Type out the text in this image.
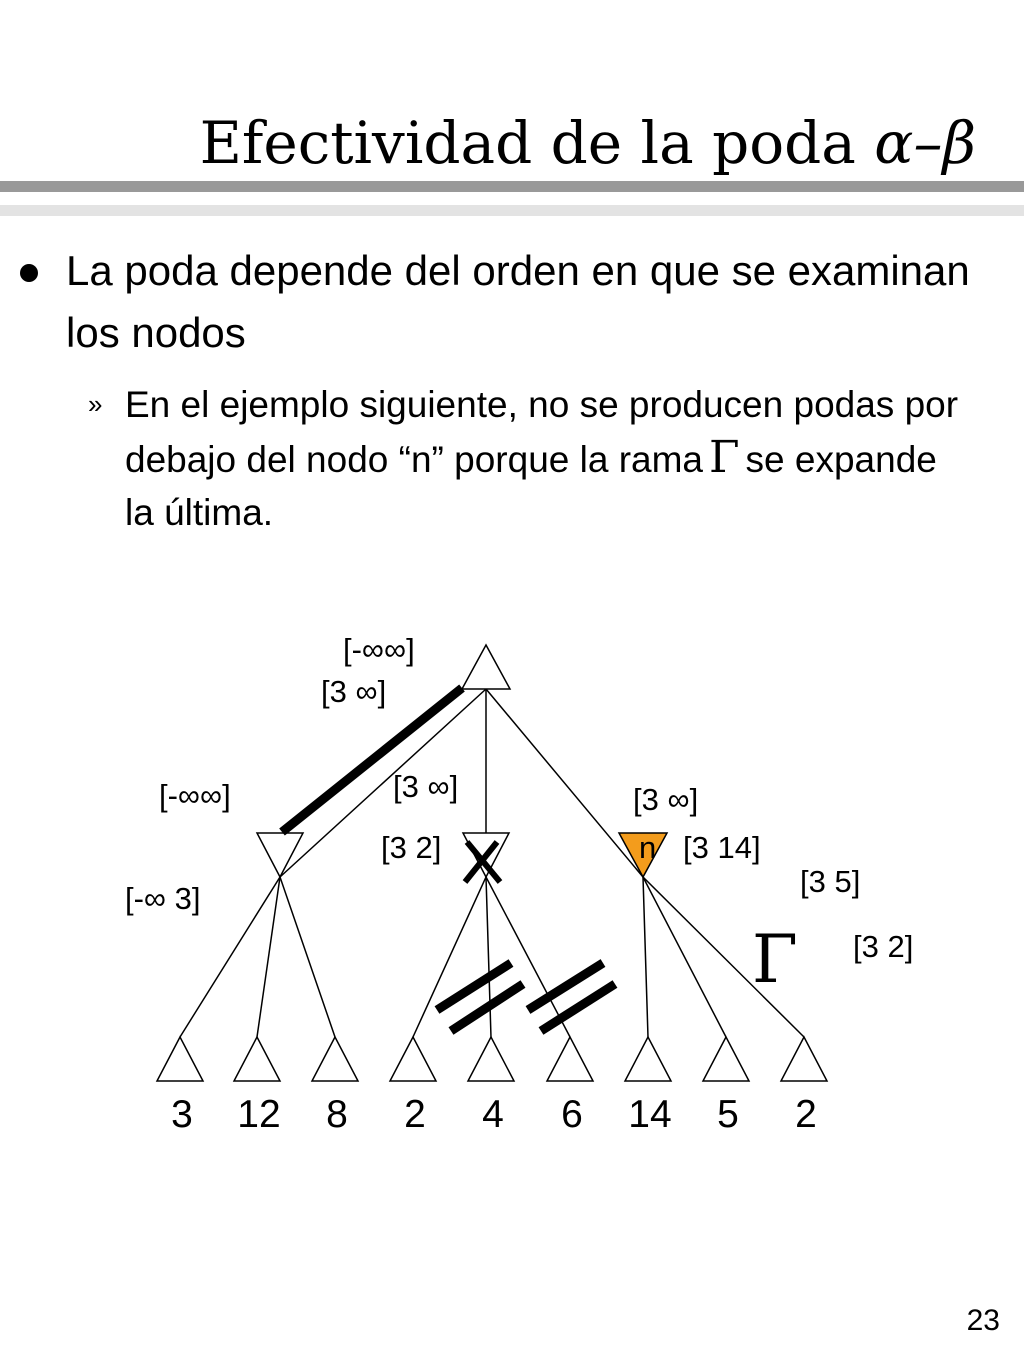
Efectividad de la poda α–β
La poda depende del orden en que se examinan los nodos
» En el ejemplo siguiente, no se producen podas por debajo del nodo “n” porque la rama Γ se expande la última.
[-∞∞]
[3 ∞]
[-∞∞]
[-∞ 3]
[3 ∞]
[3 2]
[3 ∞]
[3 14]
[3 5]
[3 2]
n
Γ
3 12 8 2 4 6 14 5 2
23
